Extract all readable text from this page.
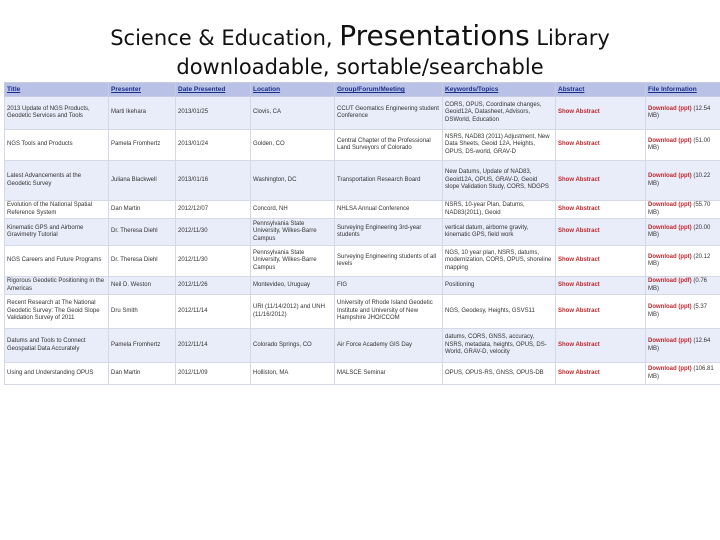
Science & Education, Presentations Library
downloadable, sortable/searchable
Title	Presenter	Date Presented	Location	Group/Forum/Meeting	Keywords/Topics	Abstract	File Information
2013 Update of NGS Products, Geodetic Services and Tools	Marti Ikehara	2013/01/25	Clovis, CA	CCUT Geomatics Engineering student Conference	CORS, OPUS, Coordinate changes, Geoid12A, Datasheet, Advisors, DSWorld, Education	Show Abstract	Download (ppt) (12.54 MB)
NGS Tools and Products	Pamela Fromhertz	2013/01/24	Golden, CO	Central Chapter of the Professional Land Surveyors of Colorado	NSRS, NAD83 (2011) Adjustment, New Data Sheets, Geoid 12A, Heights, OPUS, DS-world, GRAV-D	Show Abstract	Download (ppt) (51.00 MB)
Latest Advancements at the Geodetic Survey	Juliana Blackwell	2013/01/16	Washington, DC	Transportation Research Board	New Datums, Update of NAD83, Geoid12A, OPUS, GRAV-D, Geoid slope Validation Study, CORS, NDGPS	Show Abstract	Download (ppt) (10.22 MB)
Evolution of the National Spatial Reference System	Dan Martin	2012/12/07	Concord, NH	NHLSA Annual Conference	NSRS, 10-year Plan, Datums, NAD83(2011), Geoid	Show Abstract	Download (ppt) (55.70 MB)
Kinematic GPS and Airborne Gravimetry Tutorial	Dr. Theresa Diehl	2012/11/30	Pennsylvania State University, Wilkes-Barre Campus	Surveying Engineering 3rd-year students	vertical datum, airborne gravity, kinematic GPS, field work	Show Abstract	Download (ppt) (20.00 MB)
NGS Careers and Future Programs	Dr. Theresa Diehl	2012/11/30	Pennsylvania State University, Wilkes-Barre Campus	Surveying Engineering students of all levels	NGS, 10 year plan, NSRS, datums, modernization, CORS, OPUS, shoreline mapping	Show Abstract	Download (ppt) (20.12 MB)
Rigorous Geodetic Positioning in the Americas	Neil D. Weston	2012/11/26	Montevideo, Uruguay	FIG	Positioning	Show Abstract	Download (pdf) (0.76 MB)
Recent Research at The National Geodetic Survey: The Geoid Slope Validation Survey of 2011	Dru Smith	2012/11/14	URI (11/14/2012) and UNH (11/16/2012)	University of Rhode Island Geodetic Institute and University of New Hampshire JHO/CCOM	NGS, Geodesy, Heights, GSVS11	Show Abstract	Download (ppt) (5.37 MB)
Datums and Tools to Connect Geospatial Data Accurately	Pamela Fromhertz	2012/11/14	Colorado Springs, CO	Air Force Academy GIS Day	datums, CORS, GNSS, accuracy, NSRS, metadata, heights, OPUS, DS-World, GRAV-D, velocity	Show Abstract	Download (ppt) (12.64 MB)
Using and Understanding OPUS	Dan Martin	2012/11/09	Holliston, MA	MALSCE Seminar	OPUS, OPUS-RS, GNSS, OPUS-DB	Show Abstract	Download (ppt) (106.81 MB)
